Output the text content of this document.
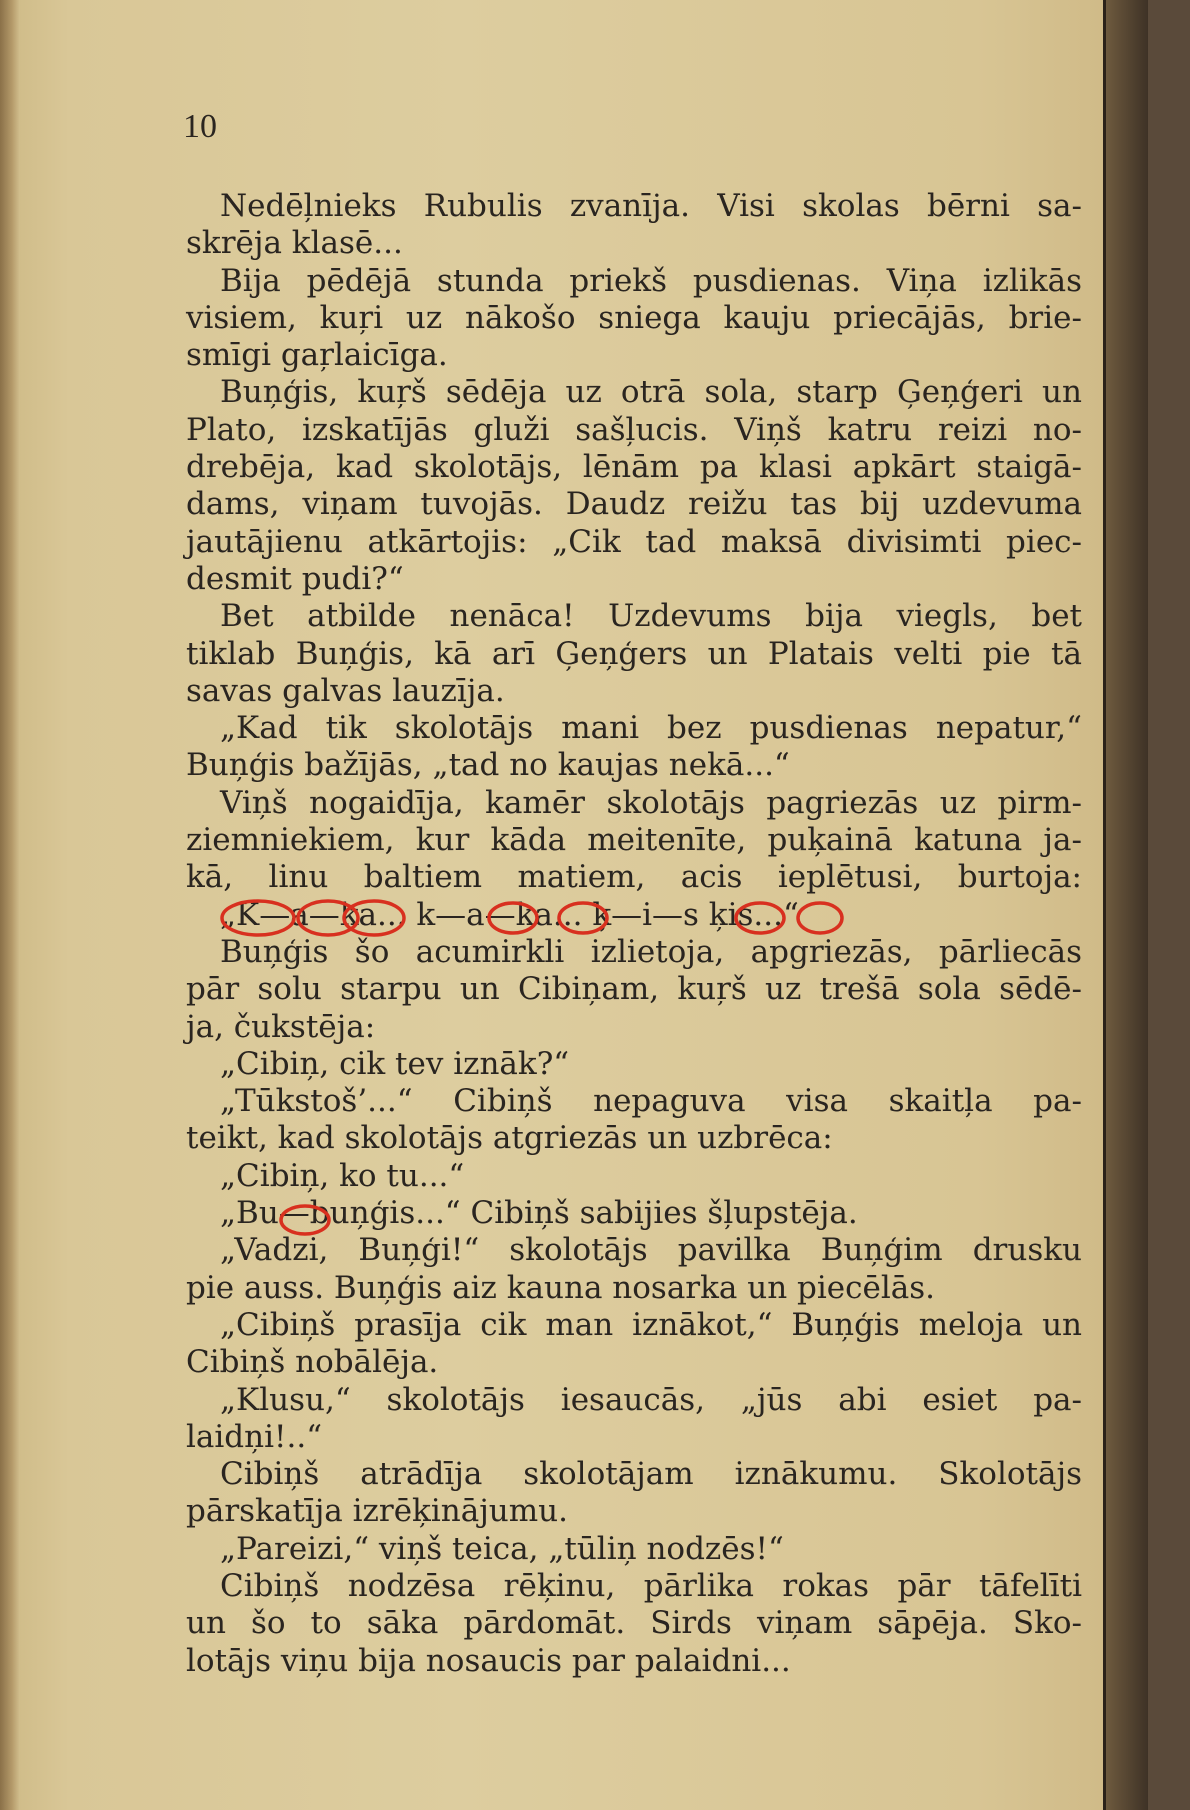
10
Nedēļnieks Rubulis zvanīja. Visi skolas bērni sa-
skrēja klasē...
Bija pēdējā stunda priekš pusdienas. Viņa izlikās
visiem, kuŗi uz nākošo sniega kauju priecājās, brie-
smīgi gaŗlaicīga.
Buņģis, kuŗš sēdēja uz otrā sola, starp Ģeņģeri un
Plato, izskatījās gluži sašļucis. Viņš katru reizi no-
drebēja, kad skolotājs, lēnām pa klasi apkārt staigā-
dams, viņam tuvojās. Daudz reižu tas bij uzdevuma
jautājienu atkārtojis: „Cik tad maksā divisimti piec-
desmit pudi?“
Bet atbilde nenāca! Uzdevums bija viegls, bet
tiklab Buņģis, kā arī Ģeņģers un Platais velti pie tā
savas galvas lauzīja.
„Kad tik skolotājs mani bez pusdienas nepatur,“
Buņģis bažījās, „tad no kaujas nekā...“
Viņš nogaidīja, kamēr skolotājs pagriezās uz pirm-
ziemniekiem, kur kāda meitenīte, puķainā katuna ja-
kā, linu baltiem matiem, acis ieplētusi, burtoja:
„K—a—ka... k—a—ka... ķ—i—s ķis...“
Buņģis šo acumirkli izlietoja, apgriezās, pārliecās
pār solu starpu un Cibiņam, kuŗš uz trešā sola sēdē-
ja, čukstēja:
„Cibiņ, cik tev iznāk?“
„Tūkstoš’...“ Cibiņš nepaguva visa skaitļa pa-
teikt, kad skolotājs atgriezās un uzbrēca:
„Cibiņ, ko tu...“
„Bu—buņģis...“ Cibiņš sabijies šļupstēja.
„Vadzi, Buņģi!“ skolotājs pavilka Buņģim drusku
pie auss. Buņģis aiz kauna nosarka un piecēlās.
„Cibiņš prasīja cik man iznākot,“ Buņģis meloja un
Cibiņš nobālēja.
„Klusu,“ skolotājs iesaucās, „jūs abi esiet pa-
laidņi!..“
Cibiņš atrādīja skolotājam iznākumu. Skolotājs
pārskatīja izrēķinājumu.
„Pareizi,“ viņš teica, „tūliņ nodzēs!“
Cibiņš nodzēsa rēķinu, pārlika rokas pār tāfelīti
un šo to sāka pārdomāt. Sirds viņam sāpēja. Sko-
lotājs viņu bija nosaucis par palaidni...
